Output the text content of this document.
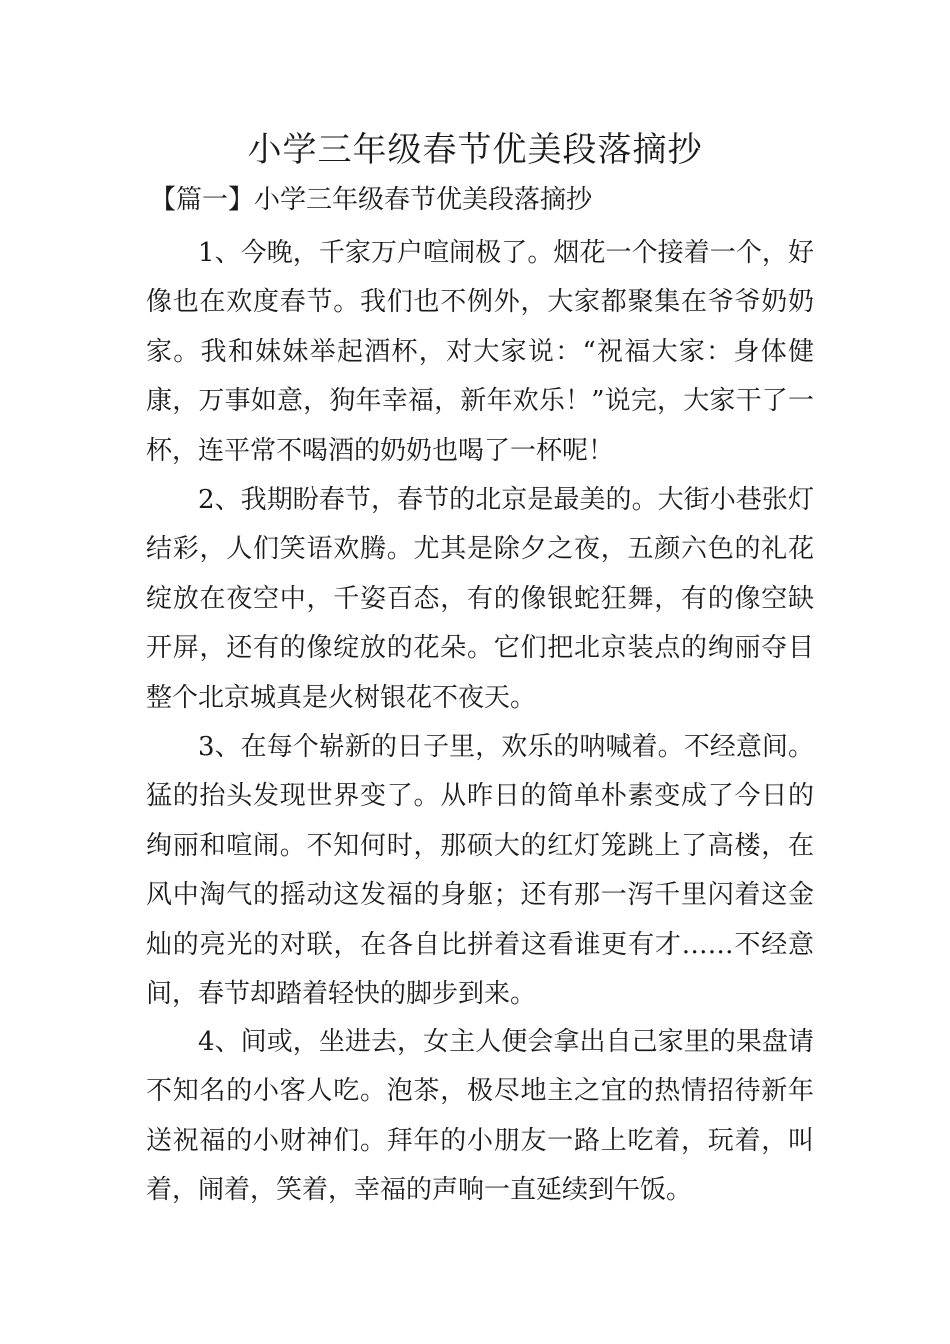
小学三年级春节优美段落摘抄

【篇一】小学三年级春节优美段落摘抄

1、今晚，千家万户喧闹极了。烟花一个接着一个，好像也在欢度春节。我们也不例外，大家都聚集在爷爷奶奶家。我和妹妹举起酒杯，对大家说：“祝福大家：身体健康，万事如意，狗年幸福，新年欢乐！”说完，大家干了一杯，连平常不喝酒的奶奶也喝了一杯呢！

2、我期盼春节，春节的北京是最美的。大街小巷张灯结彩，人们笑语欢腾。尤其是除夕之夜，五颜六色的礼花绽放在夜空中，千姿百态，有的像银蛇狂舞，有的像空缺开屏，还有的像绽放的花朵。它们把北京装点的绚丽夺目整个北京城真是火树银花不夜天。

3、在每个崭新的日子里，欢乐的呐喊着。不经意间。猛的抬头发现世界变了。从昨日的简单朴素变成了今日的绚丽和喧闹。不知何时，那硕大的红灯笼跳上了高楼，在风中淘气的摇动这发福的身躯；还有那一泻千里闪着这金灿的亮光的对联，在各自比拼着这看谁更有才……不经意间，春节却踏着轻快的脚步到来。

4、间或，坐进去，女主人便会拿出自己家里的果盘请不知名的小客人吃。泡茶，极尽地主之宜的热情招待新年送祝福的小财神们。拜年的小朋友一路上吃着，玩着，叫着，闹着，笑着，幸福的声响一直延续到午饭。
